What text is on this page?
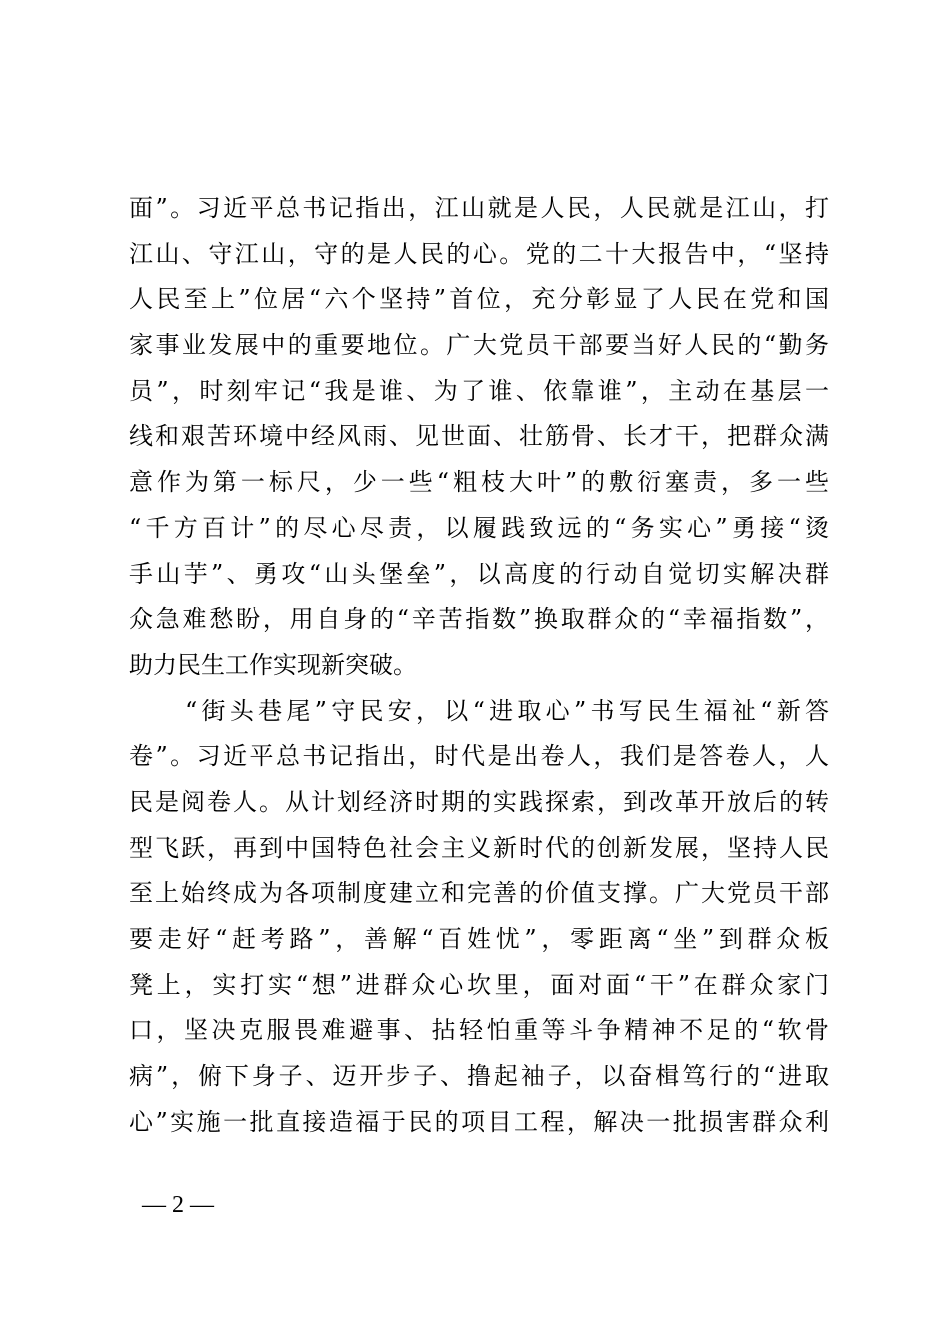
面”。习近平总书记指出，江山就是人民，人民就是江山，打
江山、守江山，守的是人民的心。党的二十大报告中，“坚持
人民至上”位居“六个坚持”首位，充分彰显了人民在党和国
家事业发展中的重要地位。广大党员干部要当好人民的“勤务
员”，时刻牢记“我是谁、为了谁、依靠谁”，主动在基层一
线和艰苦环境中经风雨、见世面、壮筋骨、长才干，把群众满
意作为第一标尺，少一些“粗枝大叶”的敷衍塞责，多一些
“千方百计”的尽心尽责，以履践致远的“务实心”勇接“烫
手山芋”、勇攻“山头堡垒”，以高度的行动自觉切实解决群
众急难愁盼，用自身的“辛苦指数”换取群众的“幸福指数”，
助力民生工作实现新突破。
“街头巷尾”守民安，以“进取心”书写民生福祉“新答
卷”。习近平总书记指出，时代是出卷人，我们是答卷人，人
民是阅卷人。从计划经济时期的实践探索，到改革开放后的转
型飞跃，再到中国特色社会主义新时代的创新发展，坚持人民
至上始终成为各项制度建立和完善的价值支撑。广大党员干部
要走好“赶考路”，善解“百姓忧”，零距离“坐”到群众板
凳上，实打实“想”进群众心坎里，面对面“干”在群众家门
口，坚决克服畏难避事、拈轻怕重等斗争精神不足的“软骨
病”，俯下身子、迈开步子、撸起袖子，以奋楫笃行的“进取
心”实施一批直接造福于民的项目工程，解决一批损害群众利
— 2 —
